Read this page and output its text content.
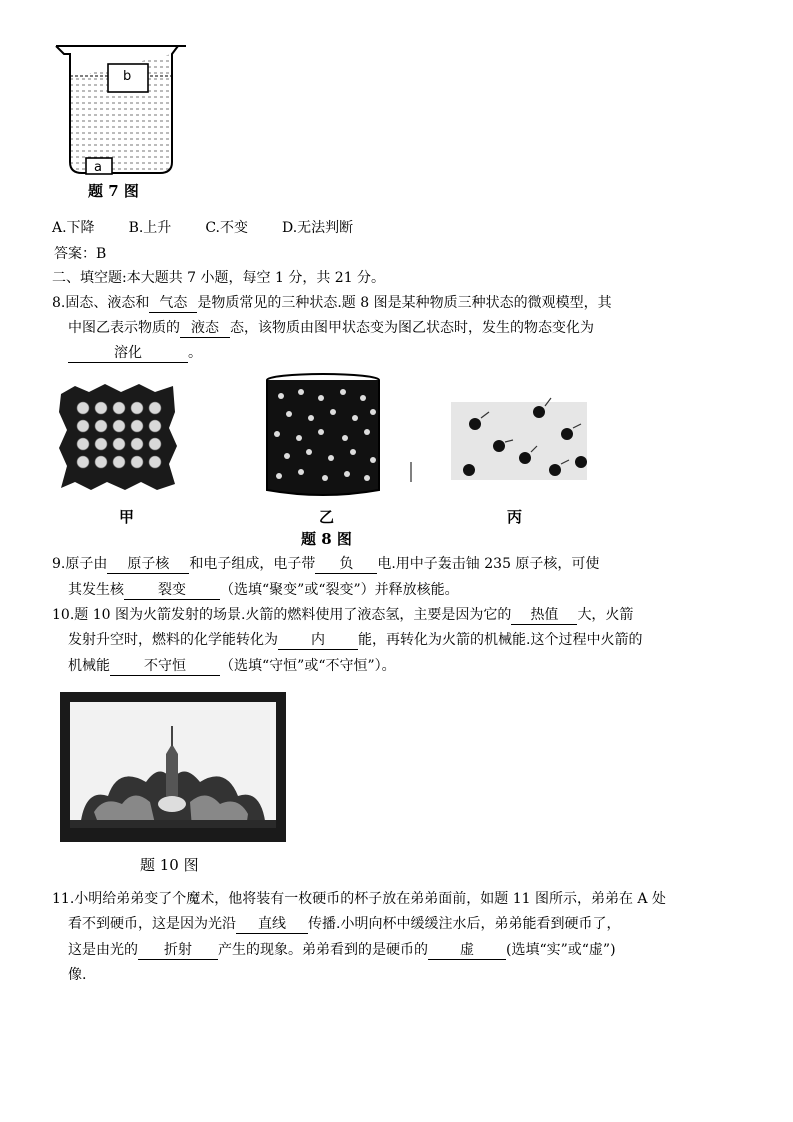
b
a
题 7 图
A.下降 B.上升 C.不变 D.无法判断
答案：B
二、填空题:本大题共 7 小题，每空 1 分，共 21 分。
8.固态、液态和 气态 是物质常见的三种状态.题 8 图是某种物质三种状态的微观模型，其
中图乙表示物质的 液态 态，该物质由图甲状态变为图乙状态时，发生的物态变化为
溶化	。
甲	乙	丙
题 8 图
9.原子由 原子核 和电子组成，电子带 负 电.用中子轰击铀 235 原子核，可使
其发生核 裂变 （选填“聚变”或“裂变”）并释放核能。
10.题 10 图为火箭发射的场景.火箭的燃料使用了液态氢，主要是因为它的 热值 大，火箭
发射升空时，燃料的化学能转化为 内 能，再转化为火箭的机械能.这个过程中火箭的
机械能 不守恒 （选填“守恒”或“不守恒”）。
题 10 图
11.小明给弟弟变了个魔术，他将装有一枚硬币的杯子放在弟弟面前，如题 11 图所示，弟弟在 A 处
看不到硬币，这是因为光沿 直线 传播.小明向杯中缓缓注水后，弟弟能看到硬币了，
这是由光的 折射 产生的现象。弟弟看到的是硬币的 虚 (选填“实”或“虚”)
像.
